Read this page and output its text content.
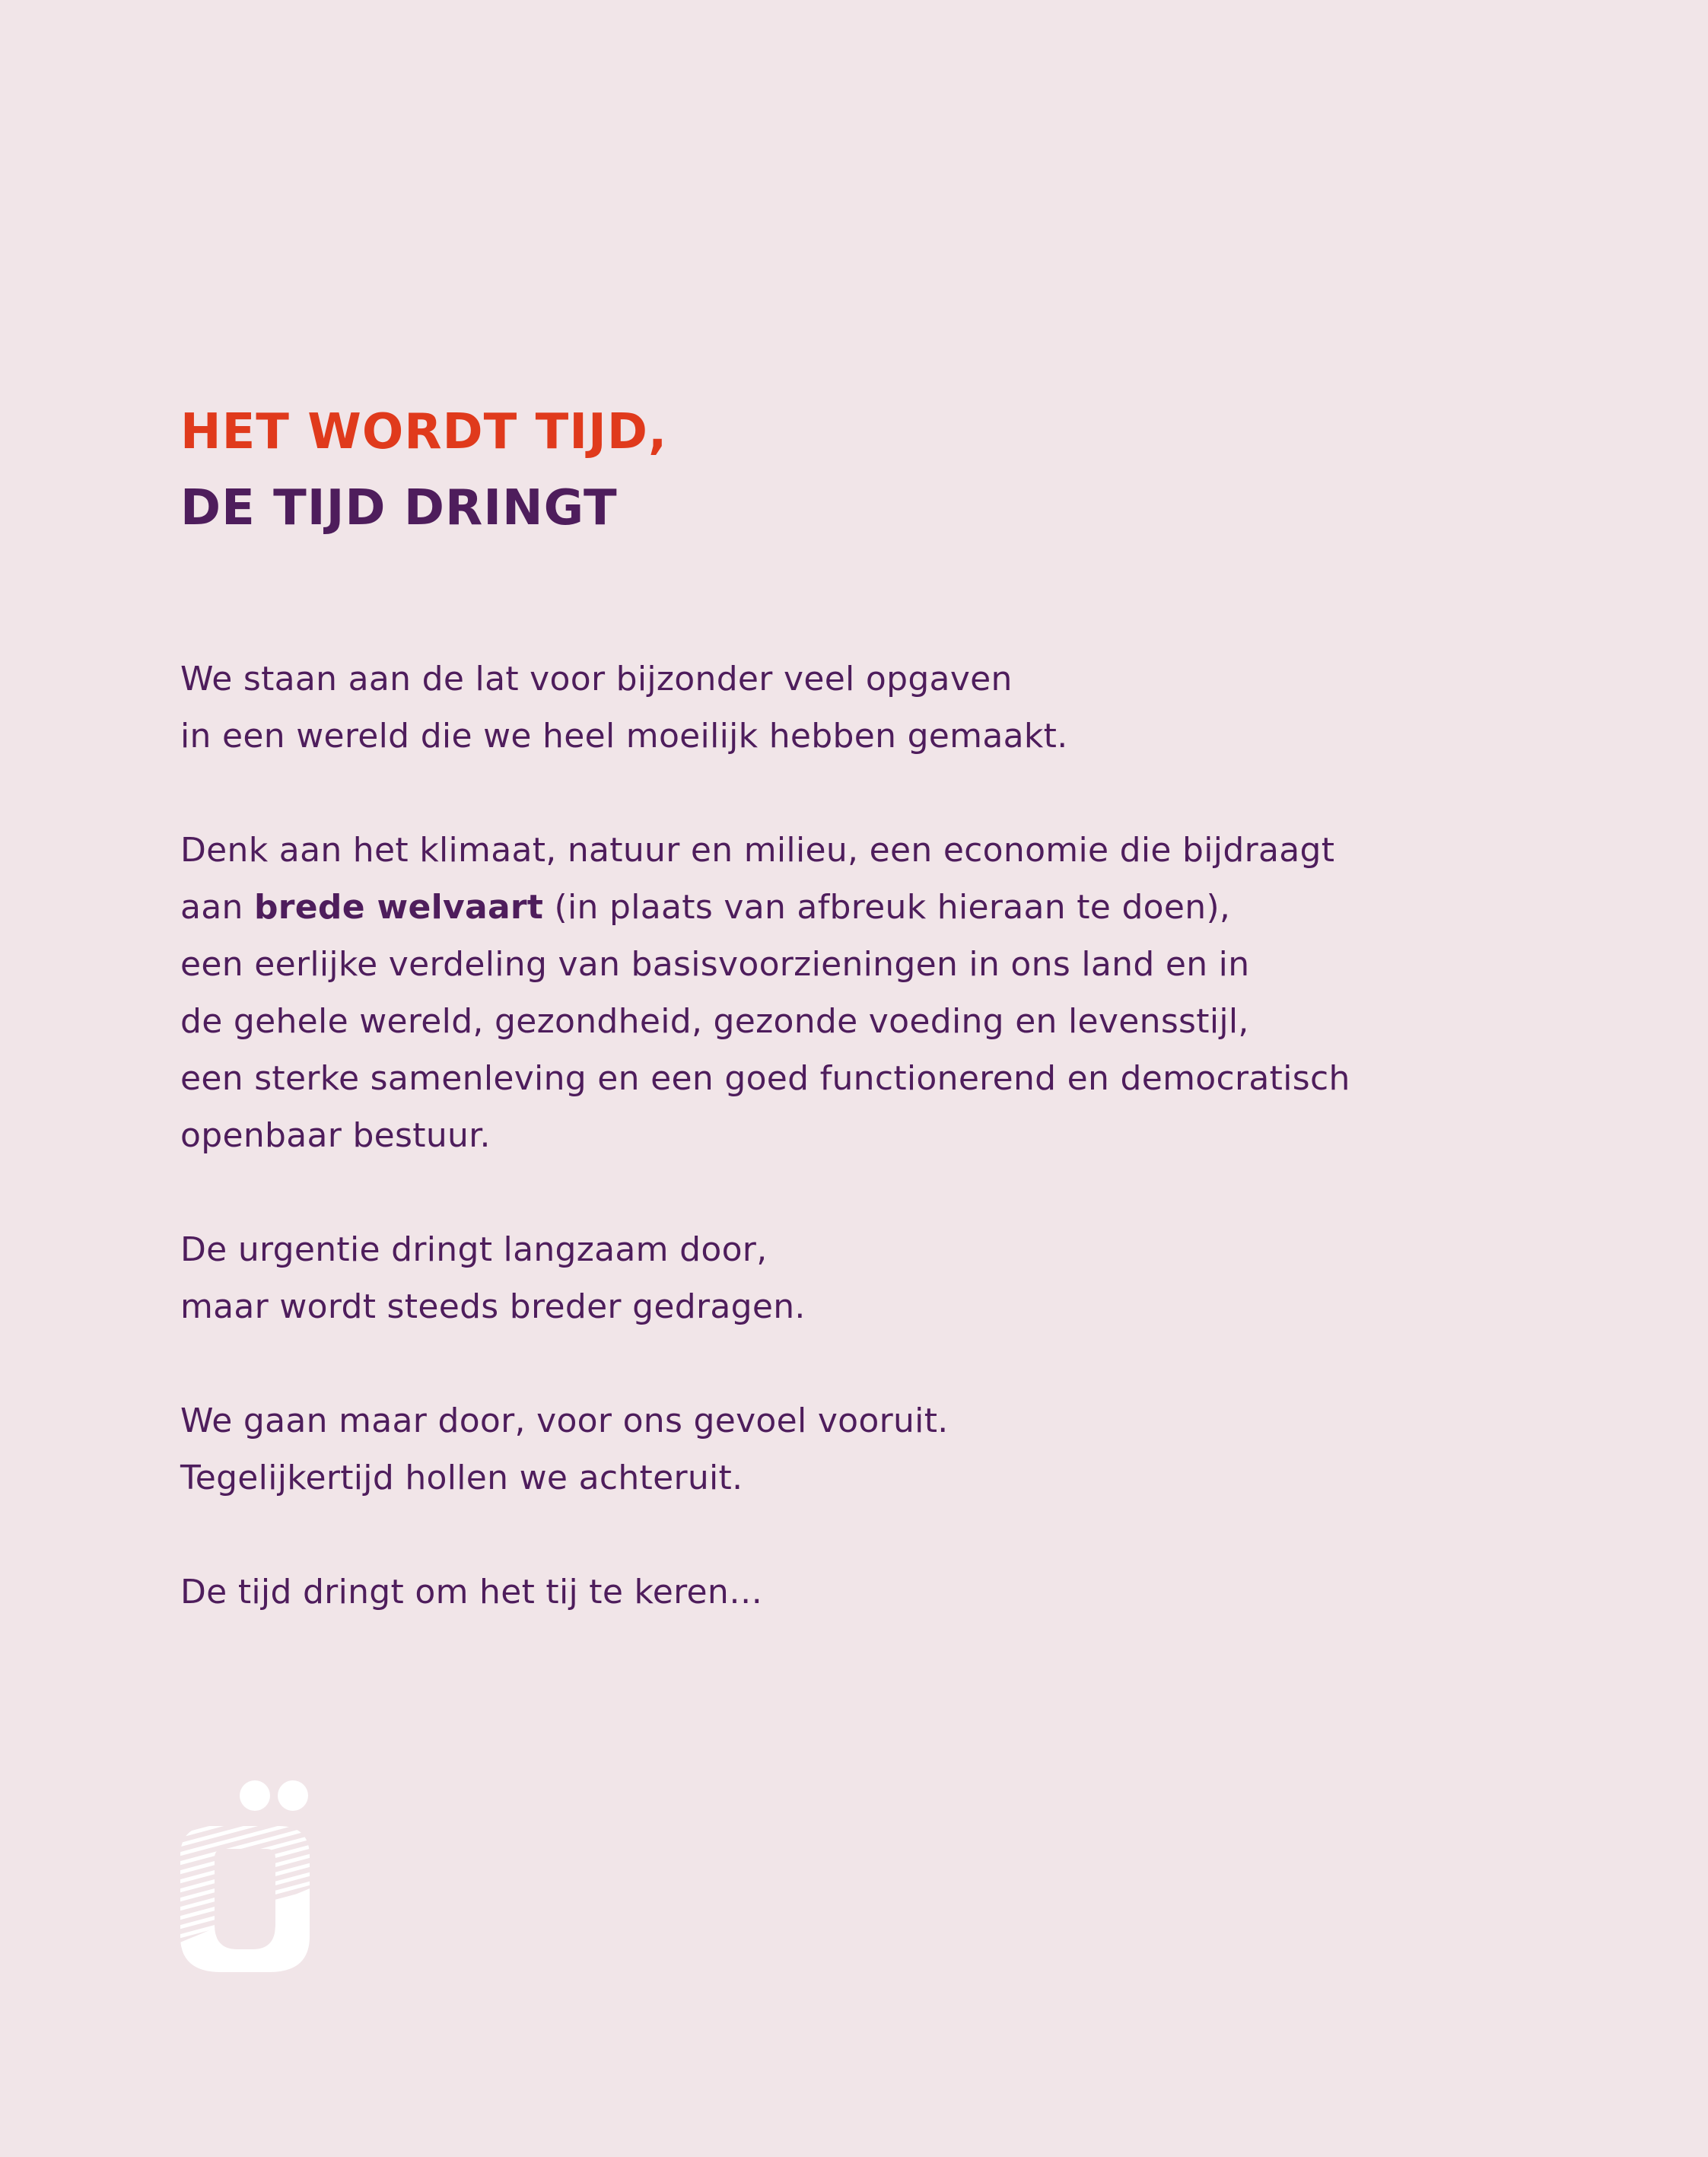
HET WORDT TIJD,
DE TIJD DRINGT

We staan aan de lat voor bijzonder veel opgaven
in een wereld die we heel moeilijk hebben gemaakt.

Denk aan het klimaat, natuur en milieu, een economie die bijdraagt
aan brede welvaart (in plaats van afbreuk hieraan te doen),
een eerlijke verdeling van basisvoorzieningen in ons land en in
de gehele wereld, gezondheid, gezonde voeding en levensstijl,
een sterke samenleving en een goed functionerend en democratisch
openbaar bestuur.

De urgentie dringt langzaam door,
maar wordt steeds breder gedragen.

We gaan maar door, voor ons gevoel vooruit.
Tegelijkertijd hollen we achteruit.

De tijd dringt om het tij te keren…
